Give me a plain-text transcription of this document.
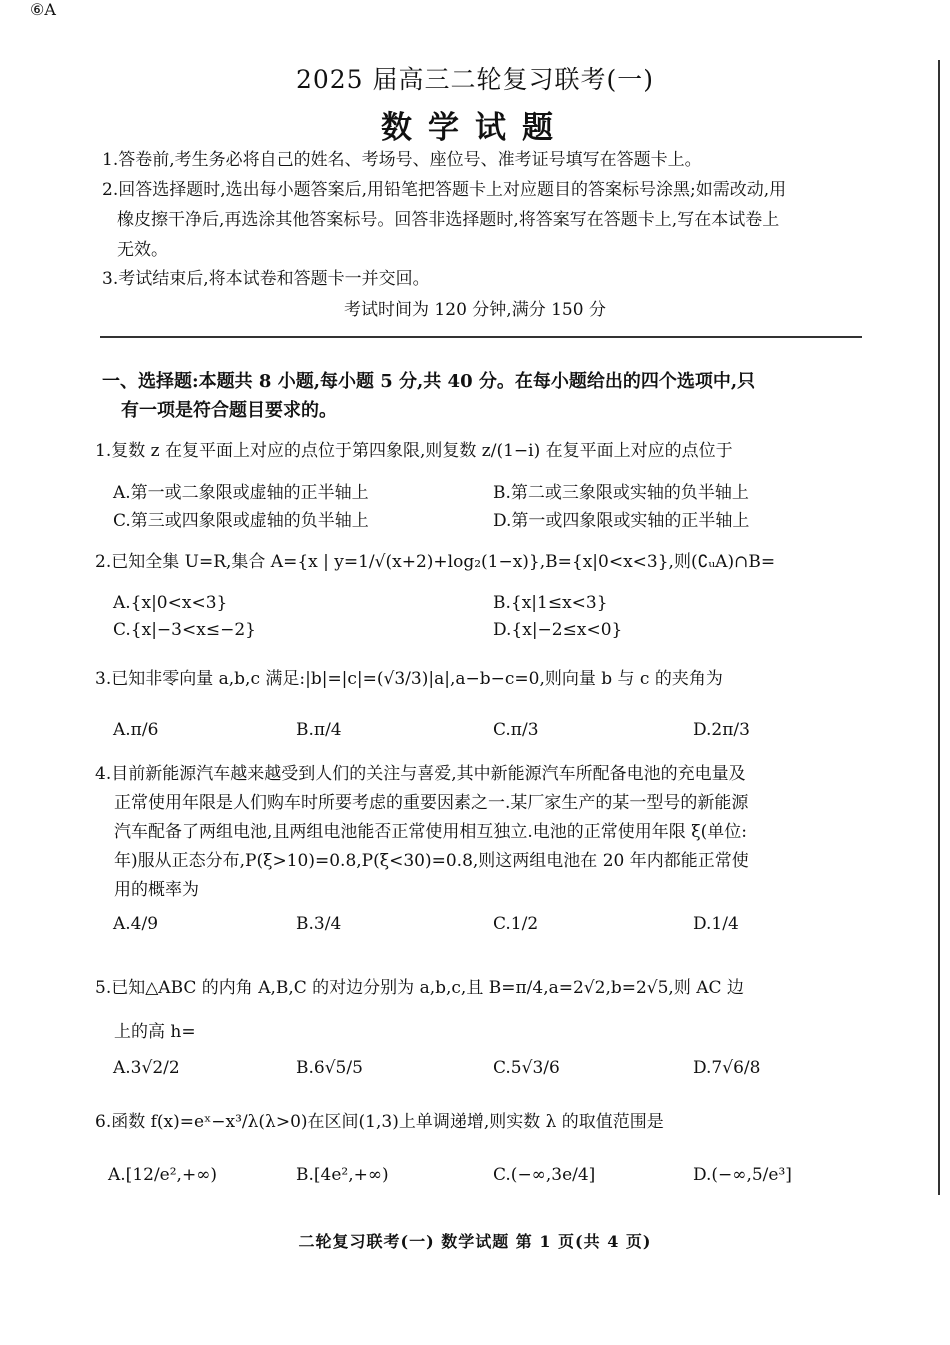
⑥A
2025 届高三二轮复习联考(一)
数学试题
1.答卷前,考生务必将自己的姓名、考场号、座位号、准考证号填写在答题卡上。
2.回答选择题时,选出每小题答案后,用铅笔把答题卡上对应题目的答案标号涂黑;如需改动,用
橡皮擦干净后,再选涂其他答案标号。回答非选择题时,将答案写在答题卡上,写在本试卷上
无效。
3.考试结束后,将本试卷和答题卡一并交回。
考试时间为 120 分钟,满分 150 分
一、选择题:本题共 8 小题,每小题 5 分,共 40 分。在每小题给出的四个选项中,只
有一项是符合题目要求的。
1.复数 z 在复平面上对应的点位于第四象限,则复数 z/(1−i) 在复平面上对应的点位于
A.第一或二象限或虚轴的正半轴上	B.第二或三象限或实轴的负半轴上
C.第三或四象限或虚轴的负半轴上	D.第一或四象限或实轴的正半轴上
2.已知全集 U=R,集合 A={x | y=1/√(x+2)+log₂(1−x)},B={x|0<x<3},则(∁ᵤA)∩B=
A.{x|0<x<3}	B.{x|1≤x<3}
C.{x|−3<x≤−2}	D.{x|−2≤x<0}
3.已知非零向量 a,b,c 满足:|b|=|c|=(√3/3)|a|,a−b−c=0,则向量 b 与 c 的夹角为
A.π/6	B.π/4	C.π/3	D.2π/3
4.目前新能源汽车越来越受到人们的关注与喜爱,其中新能源汽车所配备电池的充电量及
正常使用年限是人们购车时所要考虑的重要因素之一.某厂家生产的某一型号的新能源
汽车配备了两组电池,且两组电池能否正常使用相互独立.电池的正常使用年限 ξ(单位:
年)服从正态分布,P(ξ>10)=0.8,P(ξ<30)=0.8,则这两组电池在 20 年内都能正常使
用的概率为
A.4/9	B.3/4	C.1/2	D.1/4
5.已知△ABC 的内角 A,B,C 的对边分别为 a,b,c,且 B=π/4,a=2√2,b=2√5,则 AC 边
上的高 h=
A.3√2/2	B.6√5/5	C.5√3/6	D.7√6/8
6.函数 f(x)=eˣ−x³/λ(λ>0)在区间(1,3)上单调递增,则实数 λ 的取值范围是
A.[12/e²,+∞)	B.[4e²,+∞)	C.(−∞,3e/4]	D.(−∞,5/e³]
二轮复习联考(一) 数学试题 第 1 页(共 4 页)
